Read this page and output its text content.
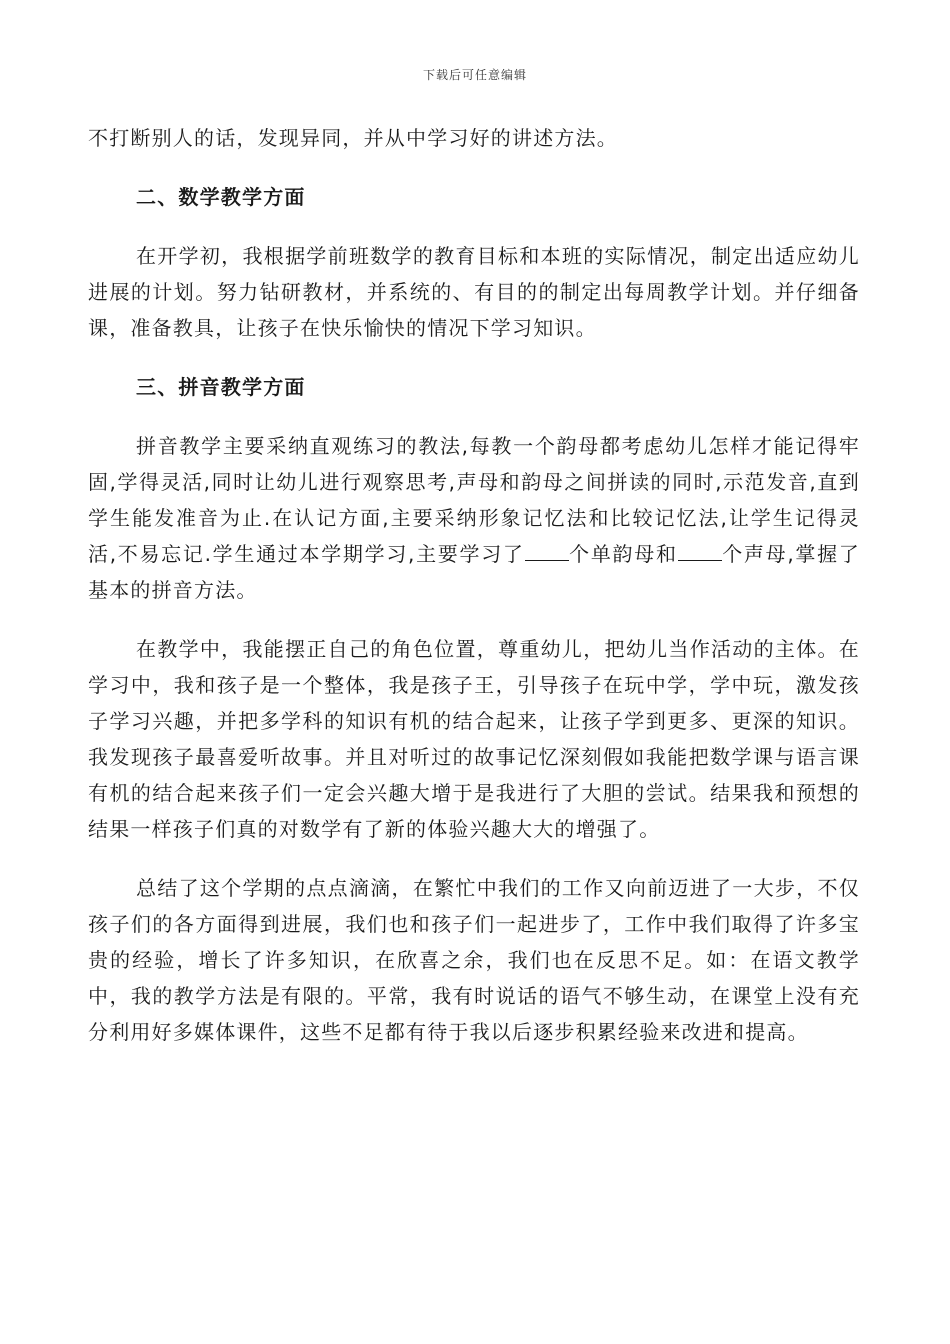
下载后可任意编辑

不打断别人的话，发现异同，并从中学习好的讲述方法。

二、数学教学方面

在开学初，我根据学前班数学的教育目标和本班的实际情况，制定出适应幼儿进展的计划。努力钻研教材，并系统的、有目的的制定出每周教学计划。并仔细备课，准备教具，让孩子在快乐愉快的情况下学习知识。

三、拼音教学方面

拼音教学主要采纳直观练习的教法,每教一个韵母都考虑幼儿怎样才能记得牢固,学得灵活,同时让幼儿进行观察思考,声母和韵母之间拼读的同时,示范发音,直到学生能发准音为止.在认记方面,主要采纳形象记忆法和比较记忆法,让学生记得灵活,不易忘记.学生通过本学期学习,主要学习了 个单韵母和 个声母,掌握了基本的拼音方法。

在教学中，我能摆正自己的角色位置，尊重幼儿，把幼儿当作活动的主体。在学习中，我和孩子是一个整体，我是孩子王，引导孩子在玩中学，学中玩，激发孩子学习兴趣，并把多学科的知识有机的结合起来，让孩子学到更多、更深的知识。我发现孩子最喜爱听故事。并且对听过的故事记忆深刻假如我能把数学课与语言课有机的结合起来孩子们一定会兴趣大增于是我进行了大胆的尝试。结果我和预想的结果一样孩子们真的对数学有了新的体验兴趣大大的增强了。

总结了这个学期的点点滴滴，在繁忙中我们的工作又向前迈进了一大步，不仅孩子们的各方面得到进展，我们也和孩子们一起进步了，工作中我们取得了许多宝贵的经验，增长了许多知识，在欣喜之余，我们也在反思不足。如：在语文教学中，我的教学方法是有限的。平常，我有时说话的语气不够生动，在课堂上没有充分利用好多媒体课件，这些不足都有待于我以后逐步积累经验来改进和提高。
